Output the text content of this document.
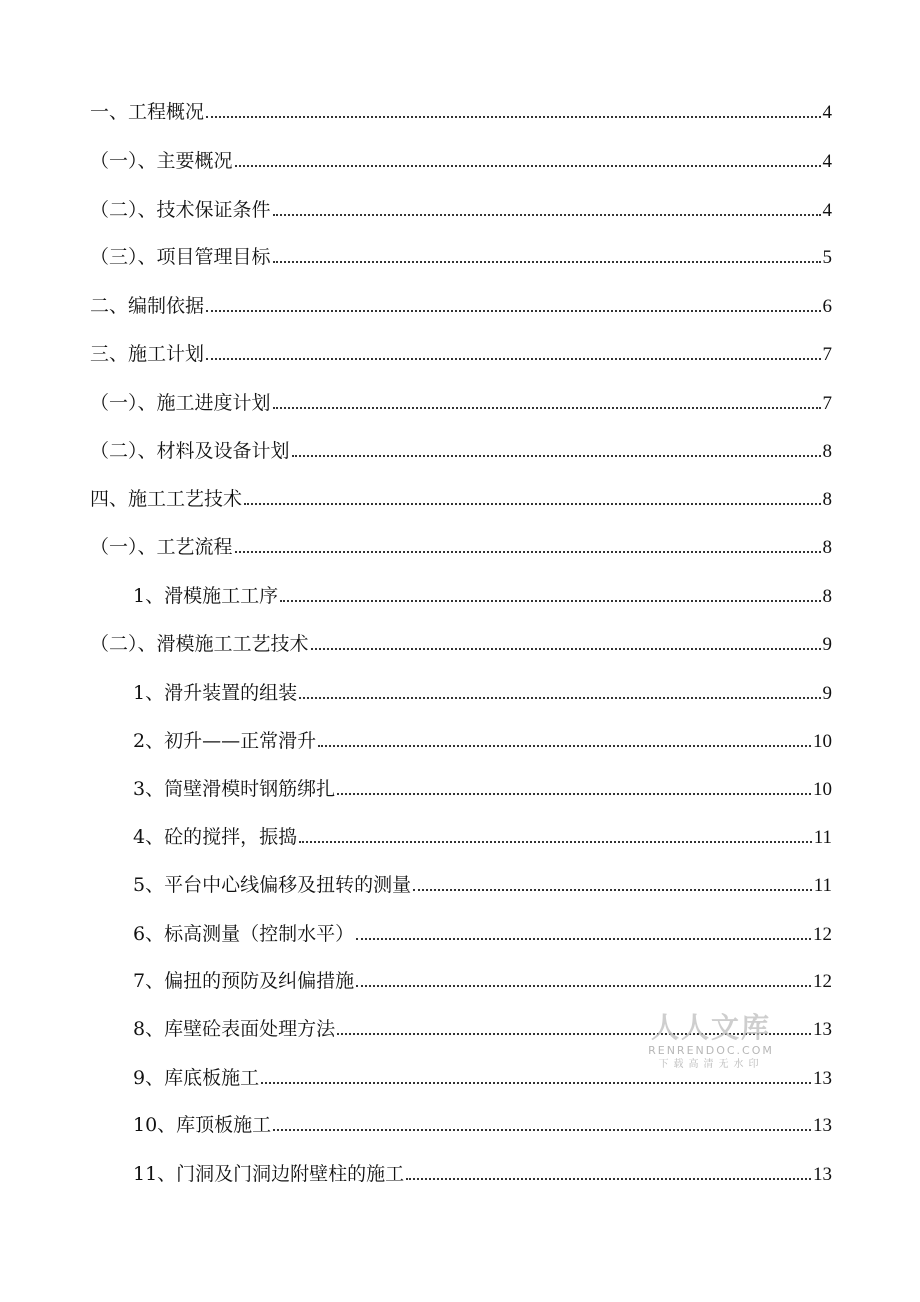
一、工程概况	4
（一）、主要概况	4
（二）、技术保证条件	4
（三）、项目管理目标	5
二、编制依据	6
三、施工计划	7
（一）、施工进度计划	7
（二）、材料及设备计划	8
四、施工工艺技术	8
（一）、工艺流程	8
1、滑模施工工序	8
（二）、滑模施工工艺技术	9
1、滑升装置的组装	9
2、初升——正常滑升	10
3、筒壁滑模时钢筋绑扎	10
4、砼的搅拌，振捣	11
5、平台中心线偏移及扭转的测量	11
6、标高测量（控制水平）	12
7、偏扭的预防及纠偏措施	12
8、库壁砼表面处理方法	13
9、库底板施工	13
10、库顶板施工	13
11、门洞及门洞边附壁柱的施工	13
人人文库
RENRENDOC.COM
下载高清无水印
